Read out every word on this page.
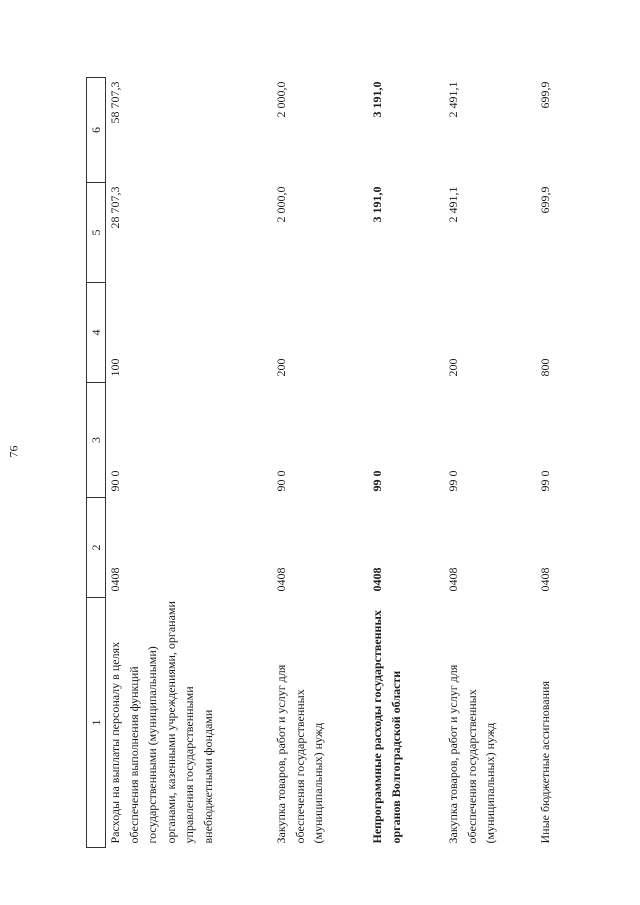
76
1	2	3	4	5	6
Расходы на выплаты персоналу в целях обеспечения выполнения функций государственными (муниципальными) органами, казенными учреждениями, органами управления государственными внебюджетными фондами	0408	90 0	100	28 707,3	58 707,3
Закупка товаров, работ и услуг для обеспечения государственных (муниципальных) нужд	0408	90 0	200	2 000,0	2 000,0
Непрограммные расходы государственных органов Волгоградской области	0408	99 0		3 191,0	3 191,0
Закупка товаров, работ и услуг для обеспечения государственных (муниципальных) нужд	0408	99 0	200	2 491,1	2 491,1
Иные бюджетные ассигнования	0408	99 0	800	699,9	699,9
